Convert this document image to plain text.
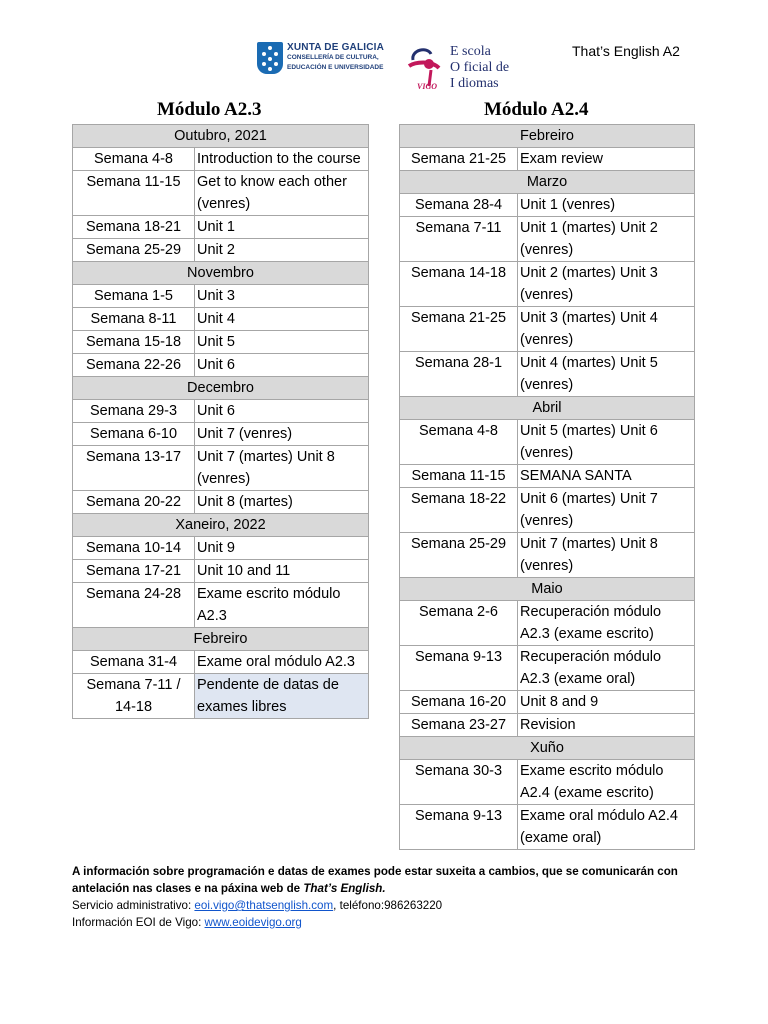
XUNTA DE GALICIA
CONSELLERÍA DE CULTURA,
EDUCACIÓN E UNIVERSIDADE
E scola
O ficial de
I diomas
VIGO
That’s English A2
Módulo A2.3	Módulo A2.4
Outubro, 2021	
Semana 4-8	Introduction to the course
Semana 11-15	Get to know each other (venres)
Semana 18-21	Unit 1
Semana 25-29	Unit 2
Novembro	
Semana 1-5	Unit 3
Semana 8-11	Unit 4
Semana 15-18	Unit 5
Semana 22-26	Unit 6
Decembro	
Semana 29-3	Unit 6
Semana 6-10	Unit 7 (venres)
Semana 13-17	Unit 7 (martes) Unit 8 (venres)
Semana 20-22	Unit 8 (martes)
Xaneiro, 2022	
Semana 10-14	Unit 9
Semana 17-21	Unit 10 and 11
Semana 24-28	Exame escrito módulo A2.3
Febreiro	
Semana 31-4	Exame oral módulo A2.3
Semana 7-11 / 14-18	Pendente de datas de exames libres
Febreiro	
Semana 21-25	Exam review
Marzo	
Semana 28-4	Unit 1 (venres)
Semana 7-11	Unit 1 (martes) Unit 2 (venres)
Semana 14-18	Unit 2 (martes) Unit 3 (venres)
Semana 21-25	Unit 3 (martes) Unit 4 (venres)
Semana 28-1	Unit 4 (martes) Unit 5 (venres)
Abril	
Semana 4-8	Unit 5 (martes) Unit 6 (venres)
Semana 11-15	SEMANA SANTA
Semana 18-22	Unit 6 (martes) Unit 7 (venres)
Semana 25-29	Unit 7 (martes) Unit 8 (venres)
Maio	
Semana 2-6	Recuperación módulo A2.3 (exame escrito)
Semana 9-13	Recuperación módulo A2.3 (exame oral)
Semana 16-20	Unit 8 and 9
Semana 23-27	Revision
Xuño	
Semana 30-3	Exame escrito módulo A2.4 (exame escrito)
Semana 9-13	Exame oral módulo A2.4 (exame oral)
A información sobre programación e datas de exames pode estar suxeita a cambios, que se comunicarán con antelación nas clases e na páxina web de That’s English.
Servicio administrativo: eoi.vigo@thatsenglish.com, teléfono:986263220
Información EOI de Vigo: www.eoidevigo.org
